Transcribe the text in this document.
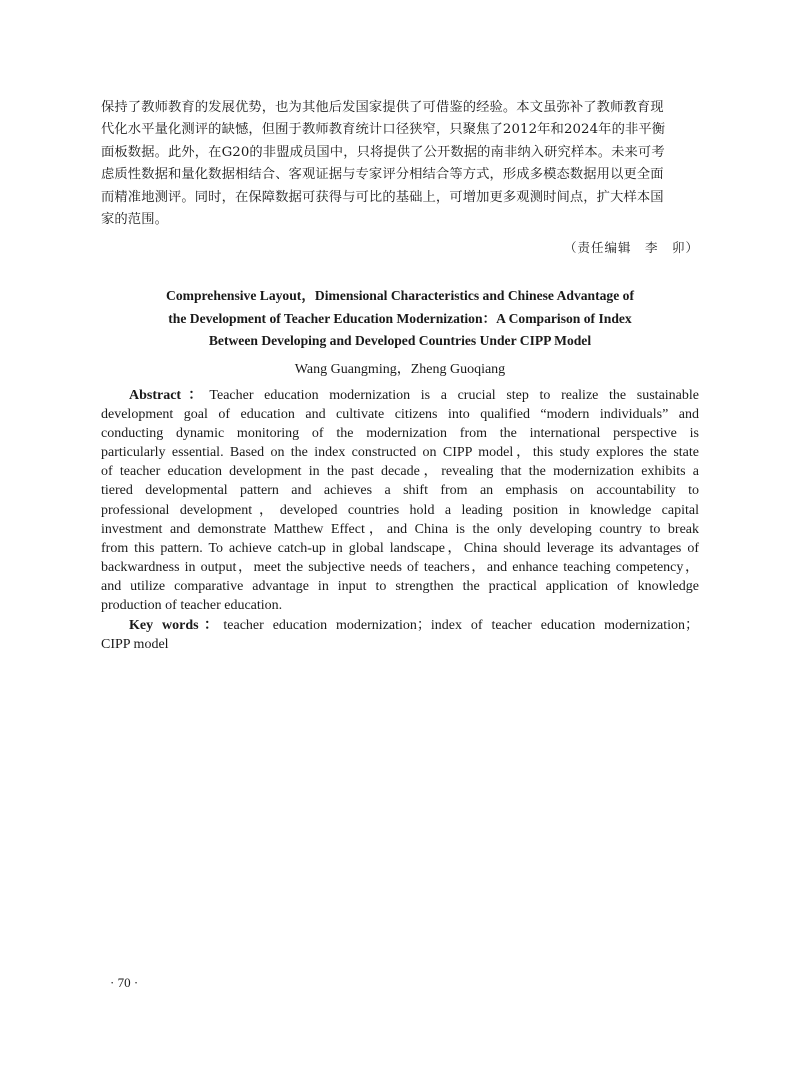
保持了教师教育的发展优势，也为其他后发国家提供了可借鉴的经验。本文虽弥补了教师教育现
代化水平量化测评的缺憾，但囿于教师教育统计口径狭窄，只聚焦了2012年和2024年的非平衡
面板数据。此外，在G20的非盟成员国中，只将提供了公开数据的南非纳入研究样本。未来可考
虑质性数据和量化数据相结合、客观证据与专家评分相结合等方式，形成多模态数据用以更全面
而精准地测评。同时，在保障数据可获得与可比的基础上，可增加更多观测时间点，扩大样本国
家的范围。
（责任编辑　李　卯）
Comprehensive Layout，Dimensional Characteristics and Chinese Advantage of
the Development of Teacher Education Modernization：A Comparison of Index
Between Developing and Developed Countries Under CIPP Model
Wang Guangming，Zheng Guoqiang
Abstract：Teacher education modernization is a crucial step to realize the sustainable
development goal of education and cultivate citizens into qualified “modern individuals” and
conducting dynamic monitoring of the modernization from the international perspective is
particularly essential. Based on the index constructed on CIPP model，this study explores the state
of teacher education development in the past decade，revealing that the modernization exhibits a
tiered developmental pattern and achieves a shift from an emphasis on accountability to
professional development，developed countries hold a leading position in knowledge capital
investment and demonstrate Matthew Effect，and China is the only developing country to break
from this pattern. To achieve catch-up in global landscape，China should leverage its advantages of
backwardness in output，meet the subjective needs of teachers，and enhance teaching competency，
and utilize comparative advantage in input to strengthen the practical application of knowledge
production of teacher education.
Key words：teacher education modernization；index of teacher education modernization；
CIPP model
· 70 ·
